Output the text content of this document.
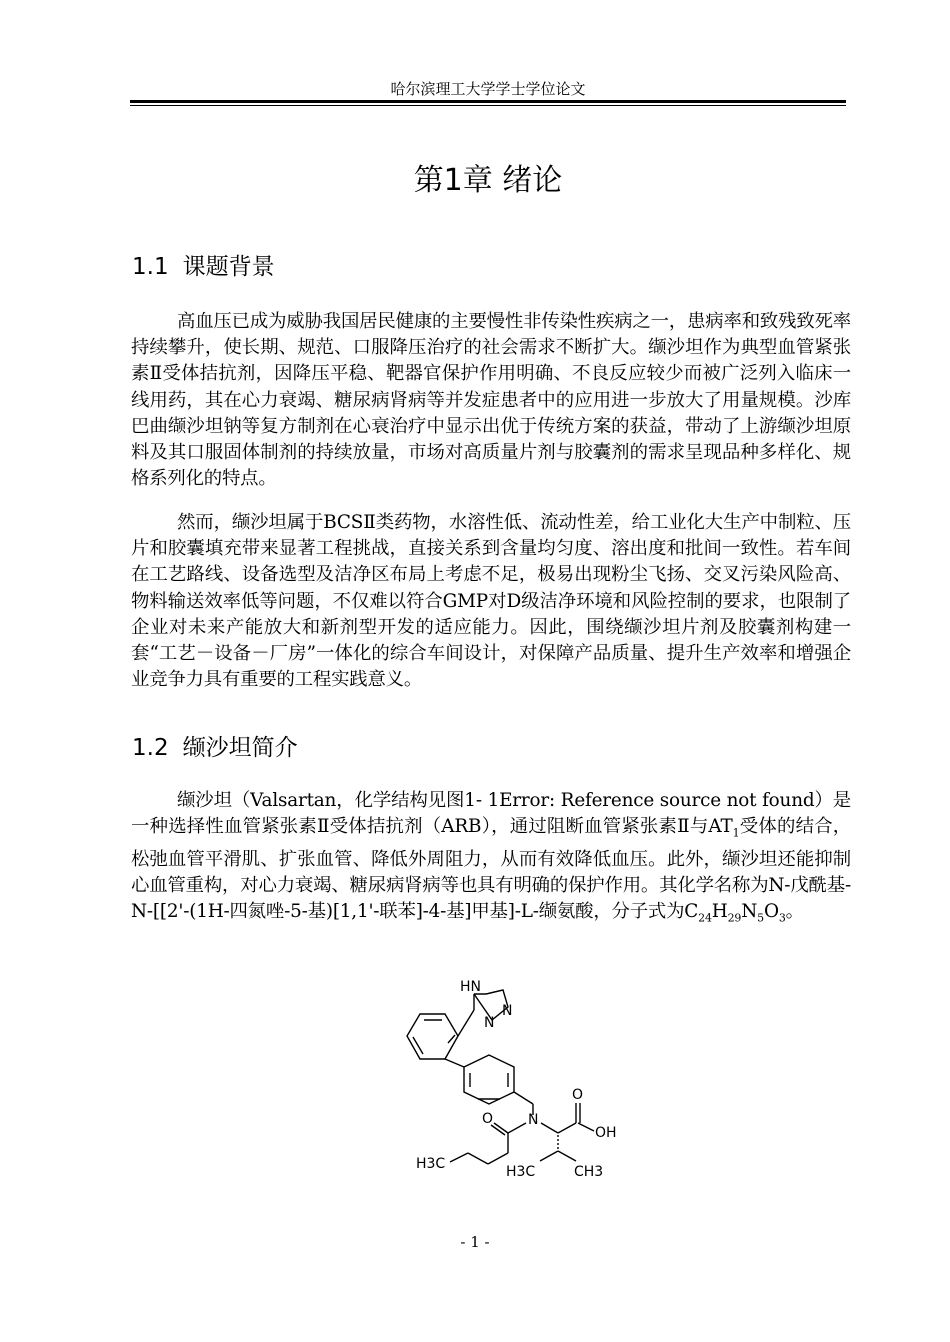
哈尔滨理工大学学士学位论文
第1章 绪论
1.1 课题背景
高血压已成为威胁我国居民健康的主要慢性非传染性疾病之一，患病率和致残致死率持续攀升，使长期、规范、口服降压治疗的社会需求不断扩大。缬沙坦作为典型血管紧张素Ⅱ受体拮抗剂，因降压平稳、靶器官保护作用明确、不良反应较少而被广泛列入临床一线用药，其在心力衰竭、糖尿病肾病等并发症患者中的应用进一步放大了用量规模。沙库巴曲缬沙坦钠等复方制剂在心衰治疗中显示出优于传统方案的获益，带动了上游缬沙坦原料及其口服固体制剂的持续放量，市场对高质量片剂与胶囊剂的需求呈现品种多样化、规格系列化的特点。
然而，缬沙坦属于BCSⅡ类药物，水溶性低、流动性差，给工业化大生产中制粒、压片和胶囊填充带来显著工程挑战，直接关系到含量均匀度、溶出度和批间一致性。若车间在工艺路线、设备选型及洁净区布局上考虑不足，极易出现粉尘飞扬、交叉污染风险高、物料输送效率低等问题，不仅难以符合GMP对D级洁净环境和风险控制的要求，也限制了企业对未来产能放大和新剂型开发的适应能力。因此，围绕缬沙坦片剂及胶囊剂构建一套“工艺－设备－厂房”一体化的综合车间设计，对保障产品质量、提升生产效率和增强企业竞争力具有重要的工程实践意义。
1.2 缬沙坦简介
缬沙坦（Valsartan，化学结构见图1- 1Error: Reference source not found）是一种选择性血管紧张素Ⅱ受体拮抗剂（ARB），通过阻断血管紧张素Ⅱ与$AT_1$受体的结合，松弛血管平滑肌、扩张血管、降低外周阻力，从而有效降低血压。此外，缬沙坦还能抑制心血管重构，对心力衰竭、糖尿病肾病等也具有明确的保护作用。其化学名称为N-戊酰基-N-[[2'-(1H-四氮唑-5-基)[1,1'-联苯]-4-基]甲基]-L-缬氨酸，分子式为$C_{24}H_{29}N_5O_3$。
HN
N
N
N
O
O
OH
H3C	H3C	CH3
- 1 -
